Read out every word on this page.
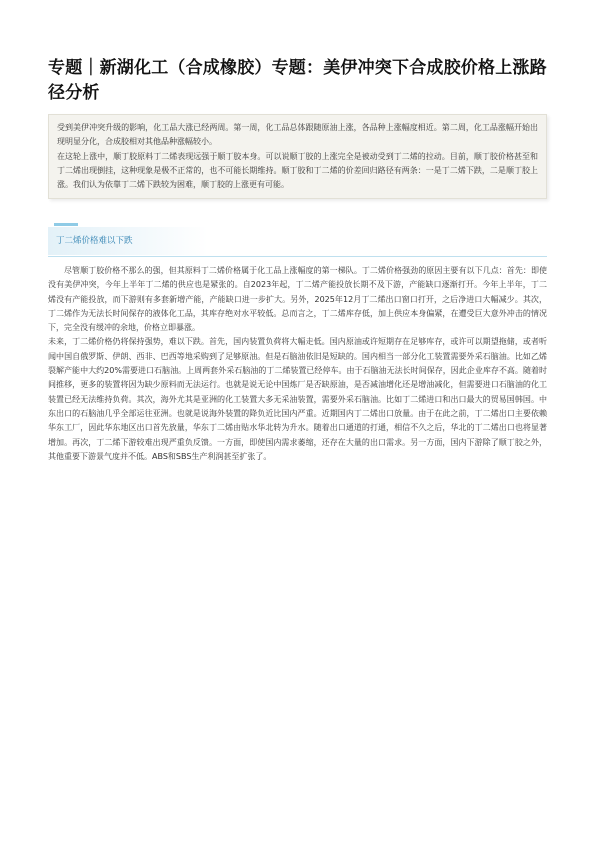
专题｜新湖化工（合成橡胶）专题：美伊冲突下合成胶价格上涨路径分析

受到美伊冲突升级的影响，化工品大涨已经两周。第一周，化工品总体跟随原油上涨，各品种上涨幅度相近。第二周，化工品涨幅开始出现明显分化，合成胶相对其他品种涨幅较小。

在这轮上涨中，顺丁胶原料丁二烯表现远强于顺丁胶本身。可以说顺丁胶的上涨完全是被动受到丁二烯的拉动。目前，顺丁胶价格甚至和丁二烯出现倒挂，这种现象是极不正常的，也不可能长期维持。顺丁胶和丁二烯的价差回归路径有两条：一是丁二烯下跌，二是顺丁胶上涨。我们认为依靠丁二烯下跌较为困难，顺丁胶的上涨更有可能。

丁二烯价格难以下跌

尽管顺丁胶价格不那么的强，但其原料丁二烯价格属于化工品上涨幅度的第一梯队。丁二烯价格强劲的原因主要有以下几点：首先：即使没有美伊冲突，今年上半年丁二烯的供应也是紧张的。自2023年起，丁二烯产能投放长期不及下游，产能缺口逐渐打开。今年上半年，丁二烯没有产能投放，而下游则有多套新增产能，产能缺口进一步扩大。另外，2025年12月丁二烯出口窗口打开，之后净进口大幅减少。其次，丁二烯作为无法长时间保存的液体化工品，其库存绝对水平较低。总而言之，丁二烯库存低，加上供应本身偏紧，在遭受巨大意外冲击的情况下，完全没有缓冲的余地，价格立即暴涨。

未来，丁二烯价格仍将保持强势，难以下跌。首先，国内装置负荷将大幅走低。国内原油或许短期存在足够库存，或许可以期望拖储，或者听闻中国自俄罗斯、伊朗、西非、巴西等地采购到了足够原油。但是石脑油依旧是短缺的。国内相当一部分化工装置需要外采石脑油。比如乙烯裂解产能中大约20%需要进口石脑油。上周两套外采石脑油的丁二烯装置已经停车。由于石脑油无法长时间保存，因此企业库存不高。随着时间推移，更多的装置将因为缺少原料而无法运行。也就是说无论中国炼厂是否缺原油，是否减油增化还是增油减化，但需要进口石脑油的化工装置已经无法维持负荷。其次，海外尤其是亚洲的化工装置大多无采油装置，需要外采石脑油。比如丁二烯进口和出口最大的贸易国韩国。中东出口的石脑油几乎全部运往亚洲。也就是说海外装置的降负近比国内严重。近期国内丁二烯出口放量。由于在此之前，丁二烯出口主要依赖华东工厂，因此华东地区出口首先放量，华东丁二烯由贴水华北转为升水。随着出口通道的打通，相信不久之后，华北的丁二烯出口也将显著增加。再次，丁二烯下游较难出现严重负反馈。一方面，即使国内需求萎缩，还存在大量的出口需求。另一方面，国内下游除了顺丁胶之外，其他重要下游景气度并不低。ABS和SBS生产利润甚至扩张了。
